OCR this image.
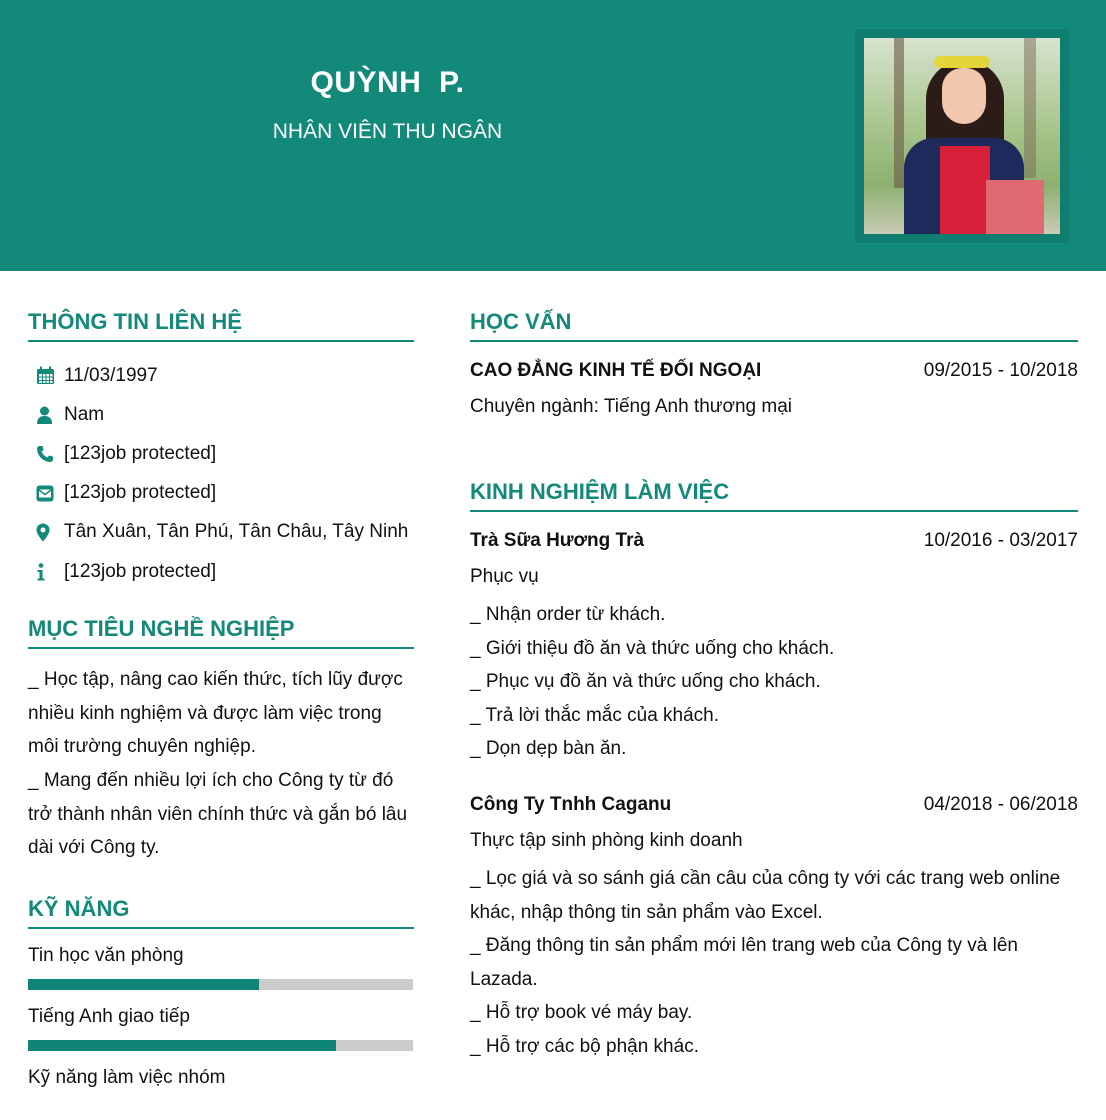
QUỲNH  P.
NHÂN VIÊN THU NGÂN
THÔNG TIN LIÊN HỆ
11/03/1997
Nam
[123job protected]
[123job protected]
Tân Xuân, Tân Phú, Tân Châu, Tây Ninh
[123job protected]
MỤC TIÊU NGHỀ NGHIỆP
_ Học tập, nâng cao kiến thức, tích lũy được nhiều kinh nghiệm và được làm việc trong môi trường chuyên nghiệp.
_ Mang đến nhiều lợi ích cho Công ty từ đó trở thành nhân viên chính thức và gắn bó lâu dài với Công ty.
KỸ NĂNG
Tin học văn phòng
Tiếng Anh giao tiếp
Kỹ năng làm việc nhóm
HỌC VẤN
CAO ĐẲNG KINH TẾ ĐỐI NGOẠI	09/2015 - 10/2018
Chuyên ngành: Tiếng Anh thương mại
KINH NGHIỆM LÀM VIỆC
Trà Sữa Hương Trà	10/2016 - 03/2017
Phục vụ
_ Nhận order từ khách.
_ Giới thiệu đồ ăn và thức uống cho khách.
_ Phục vụ đồ ăn và thức uống cho khách.
_ Trả lời thắc mắc của khách.
_ Dọn dẹp bàn ăn.
Công Ty Tnhh Caganu	04/2018 - 06/2018
Thực tập sinh phòng kinh doanh
_ Lọc giá và so sánh giá cần câu của công ty với các trang web online khác, nhập thông tin sản phẩm vào Excel.
_ Đăng thông tin sản phẩm mới lên trang web của Công ty và lên Lazada.
_ Hỗ trợ book vé máy bay.
_ Hỗ trợ các bộ phận khác.
